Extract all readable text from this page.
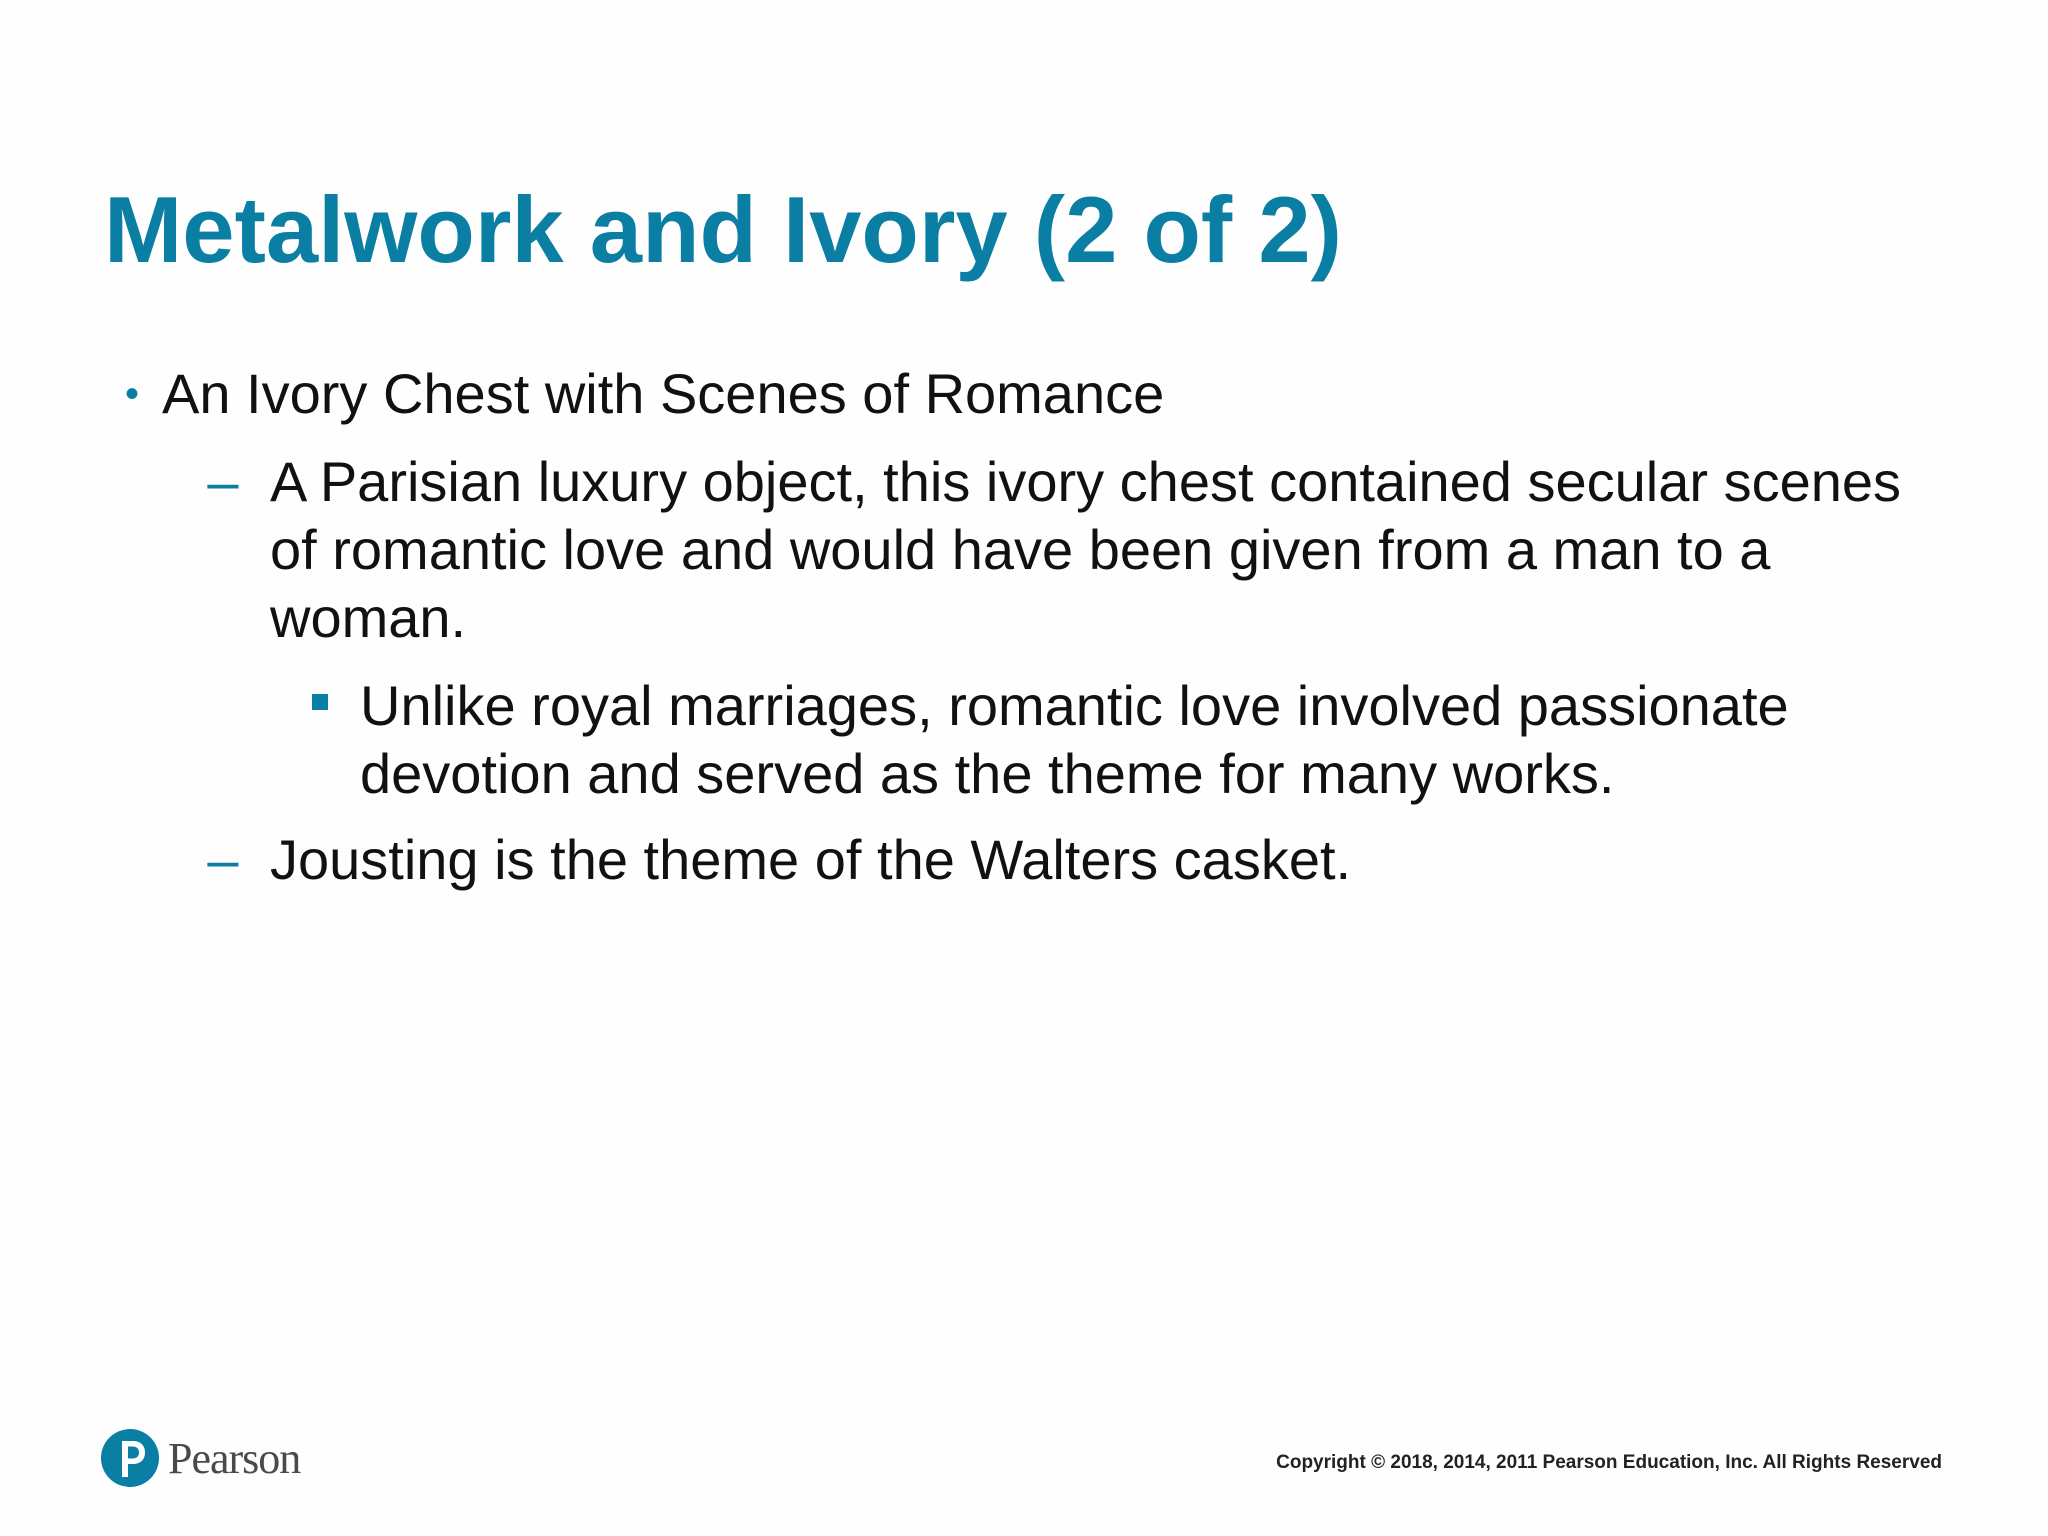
Metalwork and Ivory (2 of 2)
• An Ivory Chest with Scenes of Romance
– A Parisian luxury object, this ivory chest contained secular scenes of romantic love and would have been given from a man to a woman.
Unlike royal marriages, romantic love involved passionate devotion and served as the theme for many works.
– Jousting is the theme of the Walters casket.
Pearson	Copyright © 2018, 2014, 2011 Pearson Education, Inc. All Rights Reserved
